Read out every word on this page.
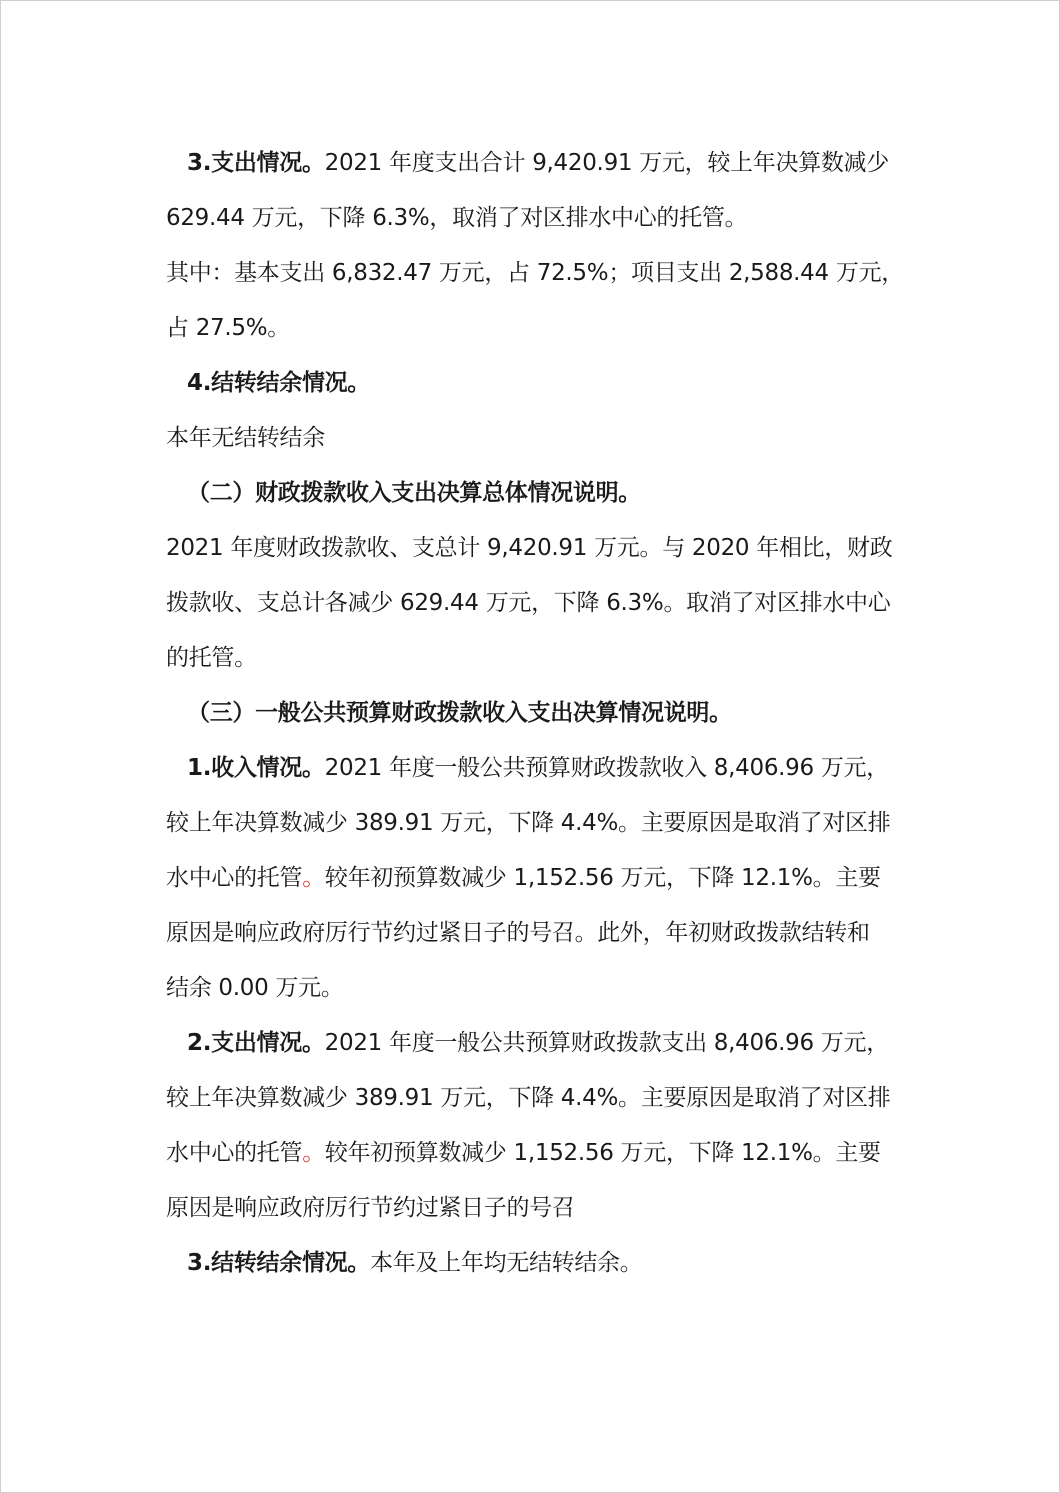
3.支出情况。2021 年度支出合计 9,420.91 万元，较上年决算数减少

629.44 万元，下降 6.3%，取消了对区排水中心的托管。

其中：基本支出 6,832.47 万元，占 72.5%；项目支出 2,588.44 万元，

占 27.5%。

4.结转结余情况。

本年无结转结余

（二）财政拨款收入支出决算总体情况说明。

2021 年度财政拨款收、支总计 9,420.91 万元。与 2020 年相比，财政

拨款收、支总计各减少 629.44 万元，下降 6.3%。取消了对区排水中心

的托管。

（三）一般公共预算财政拨款收入支出决算情况说明。

1.收入情况。2021 年度一般公共预算财政拨款收入 8,406.96 万元，

较上年决算数减少 389.91 万元，下降 4.4%。主要原因是取消了对区排

水中心的托管。较年初预算数减少 1,152.56 万元，下降 12.1%。主要

原因是响应政府厉行节约过紧日子的号召。此外，年初财政拨款结转和

结余 0.00 万元。

2.支出情况。2021 年度一般公共预算财政拨款支出 8,406.96 万元，

较上年决算数减少 389.91 万元，下降 4.4%。主要原因是取消了对区排

水中心的托管。较年初预算数减少 1,152.56 万元，下降 12.1%。主要

原因是响应政府厉行节约过紧日子的号召

3.结转结余情况。本年及上年均无结转结余。
